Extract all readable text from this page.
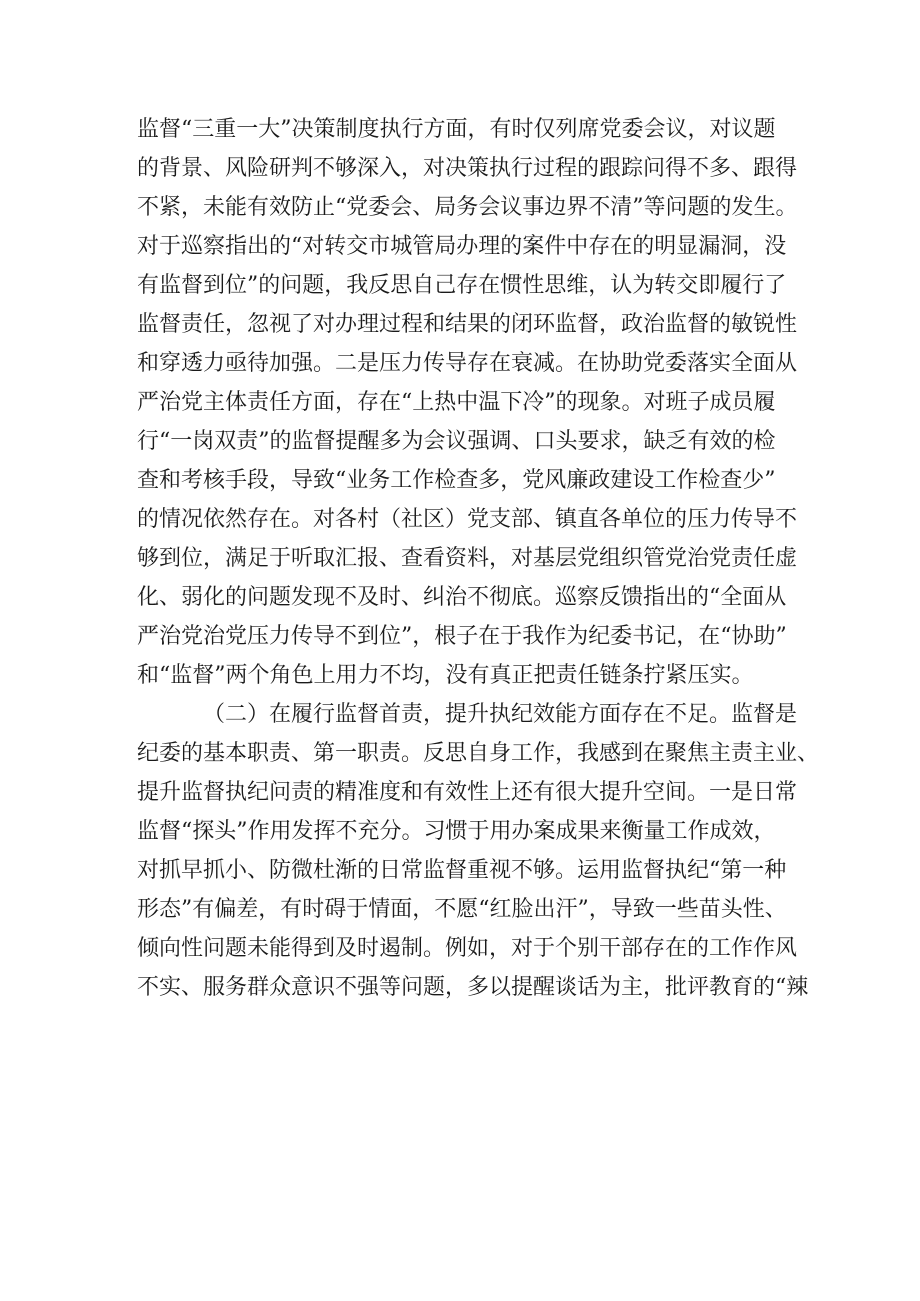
监督“三重一大”决策制度执行方面，有时仅列席党委会议，对议题
的背景、风险研判不够深入，对决策执行过程的跟踪问得不多、跟得
不紧，未能有效防止“党委会、局务会议事边界不清”等问题的发生。
对于巡察指出的“对转交市城管局办理的案件中存在的明显漏洞，没
有监督到位”的问题，我反思自己存在惯性思维，认为转交即履行了
监督责任，忽视了对办理过程和结果的闭环监督，政治监督的敏锐性
和穿透力亟待加强。二是压力传导存在衰减。在协助党委落实全面从
严治党主体责任方面，存在“上热中温下冷”的现象。对班子成员履
行“一岗双责”的监督提醒多为会议强调、口头要求，缺乏有效的检
查和考核手段，导致“业务工作检查多，党风廉政建设工作检查少”
的情况依然存在。对各村（社区）党支部、镇直各单位的压力传导不
够到位，满足于听取汇报、查看资料，对基层党组织管党治党责任虚
化、弱化的问题发现不及时、纠治不彻底。巡察反馈指出的“全面从
严治党治党压力传导不到位”，根子在于我作为纪委书记，在“协助”
和“监督”两个角色上用力不均，没有真正把责任链条拧紧压实。
（二）在履行监督首责，提升执纪效能方面存在不足。监督是
纪委的基本职责、第一职责。反思自身工作，我感到在聚焦主责主业、
提升监督执纪问责的精准度和有效性上还有很大提升空间。一是日常
监督“探头”作用发挥不充分。习惯于用办案成果来衡量工作成效，
对抓早抓小、防微杜渐的日常监督重视不够。运用监督执纪“第一种
形态”有偏差，有时碍于情面，不愿“红脸出汗”，导致一些苗头性、
倾向性问题未能得到及时遏制。例如，对于个别干部存在的工作作风
不实、服务群众意识不强等问题，多以提醒谈话为主，批评教育的“辣
